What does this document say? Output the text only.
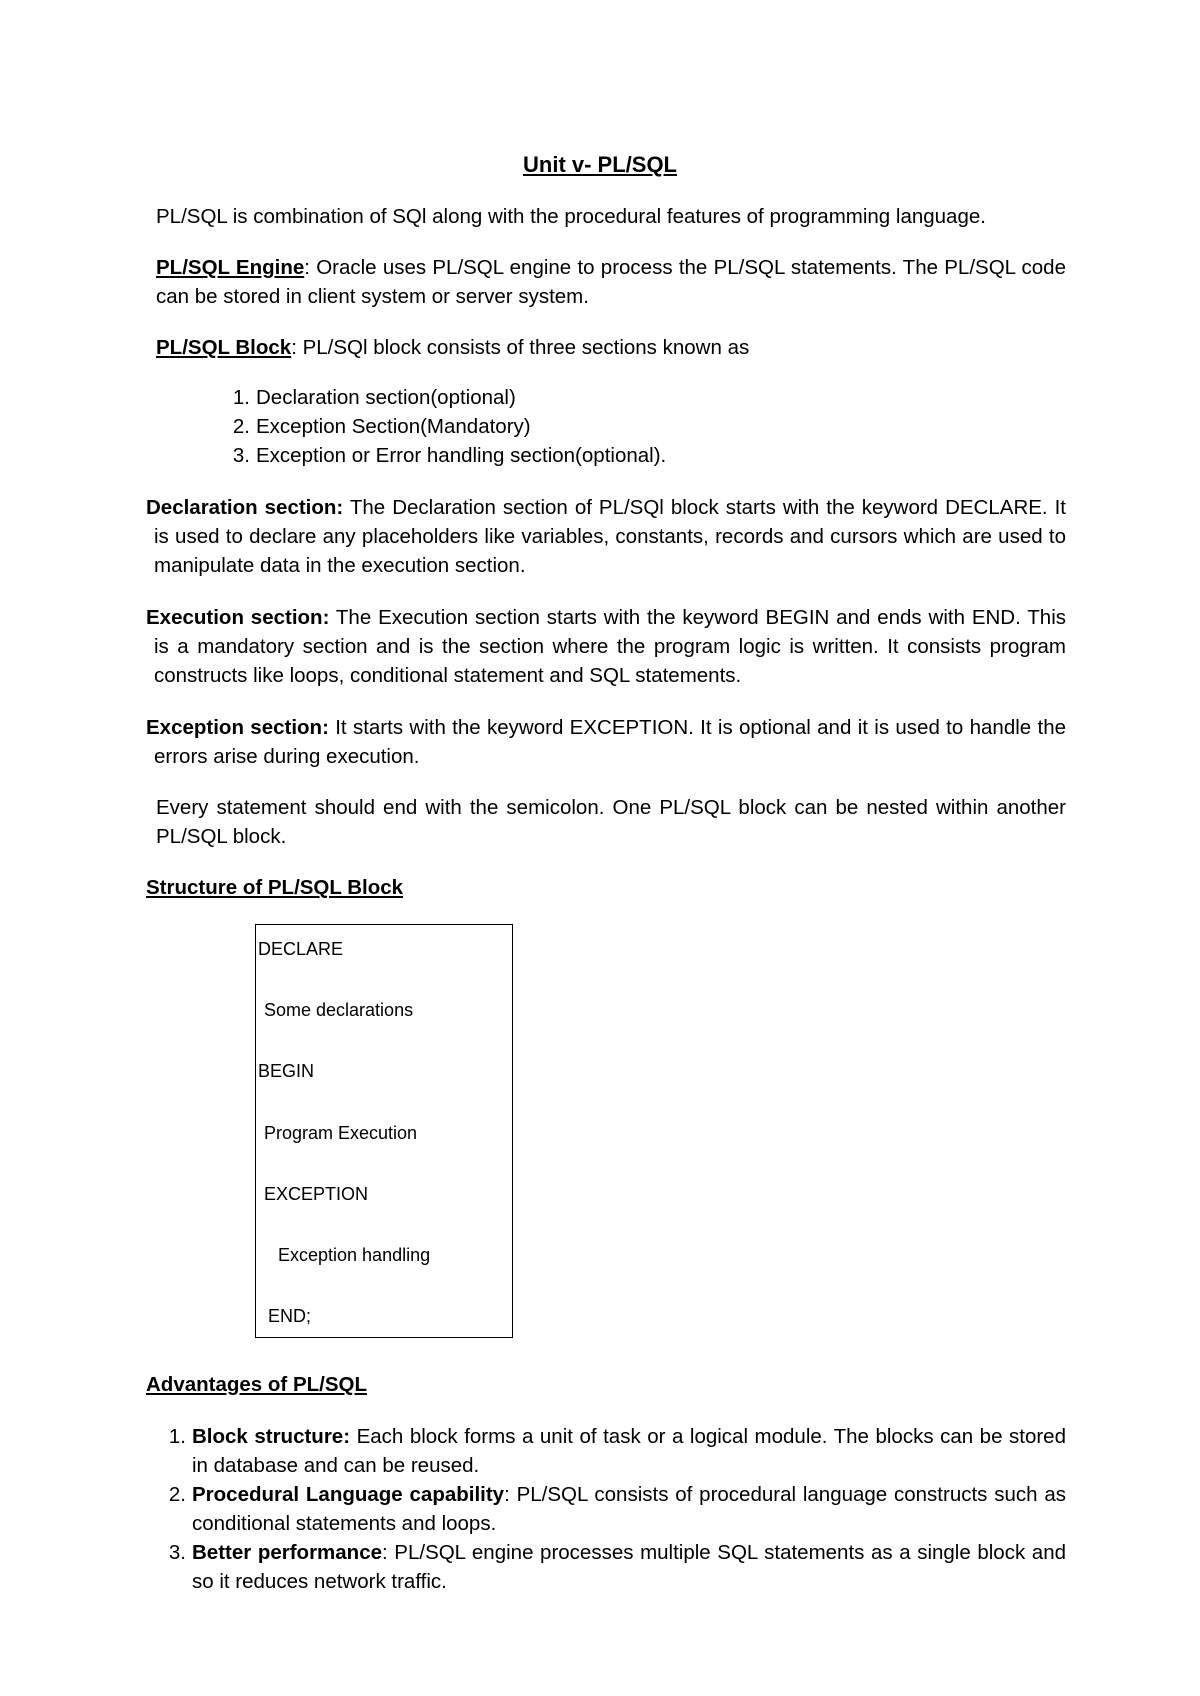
Unit v- PL/SQL

PL/SQL is combination of SQl along with the procedural features of programming language.

PL/SQL Engine: Oracle uses PL/SQL engine to process the PL/SQL statements. The PL/SQL code can be stored in client system or server system.

PL/SQL Block: PL/SQl block consists of three sections known as

1. Declaration section(optional)
2. Exception Section(Mandatory)
3. Exception or Error handling section(optional).

Declaration section: The Declaration section of PL/SQl block starts with the keyword DECLARE. It is used to declare any placeholders like variables, constants, records and cursors which are used to manipulate data in the execution section.

Execution section: The Execution section starts with the keyword BEGIN and ends with END. This is a mandatory section and is the section where the program logic is written. It consists program constructs like loops, conditional statement and SQL statements.

Exception section: It starts with the keyword EXCEPTION. It is optional and it is used to handle the errors arise during execution.

Every statement should end with the semicolon. One PL/SQL block can be nested within another PL/SQL block.

Structure of PL/SQL Block

DECLARE
Some declarations
BEGIN
Program Execution
EXCEPTION
Exception handling
END;

Advantages of PL/SQL

1. Block structure: Each block forms a unit of task or a logical module. The blocks can be stored in database and can be reused.
2. Procedural Language capability: PL/SQL consists of procedural language constructs such as conditional statements and loops.
3. Better performance: PL/SQL engine processes multiple SQL statements as a single block and so it reduces network traffic.
